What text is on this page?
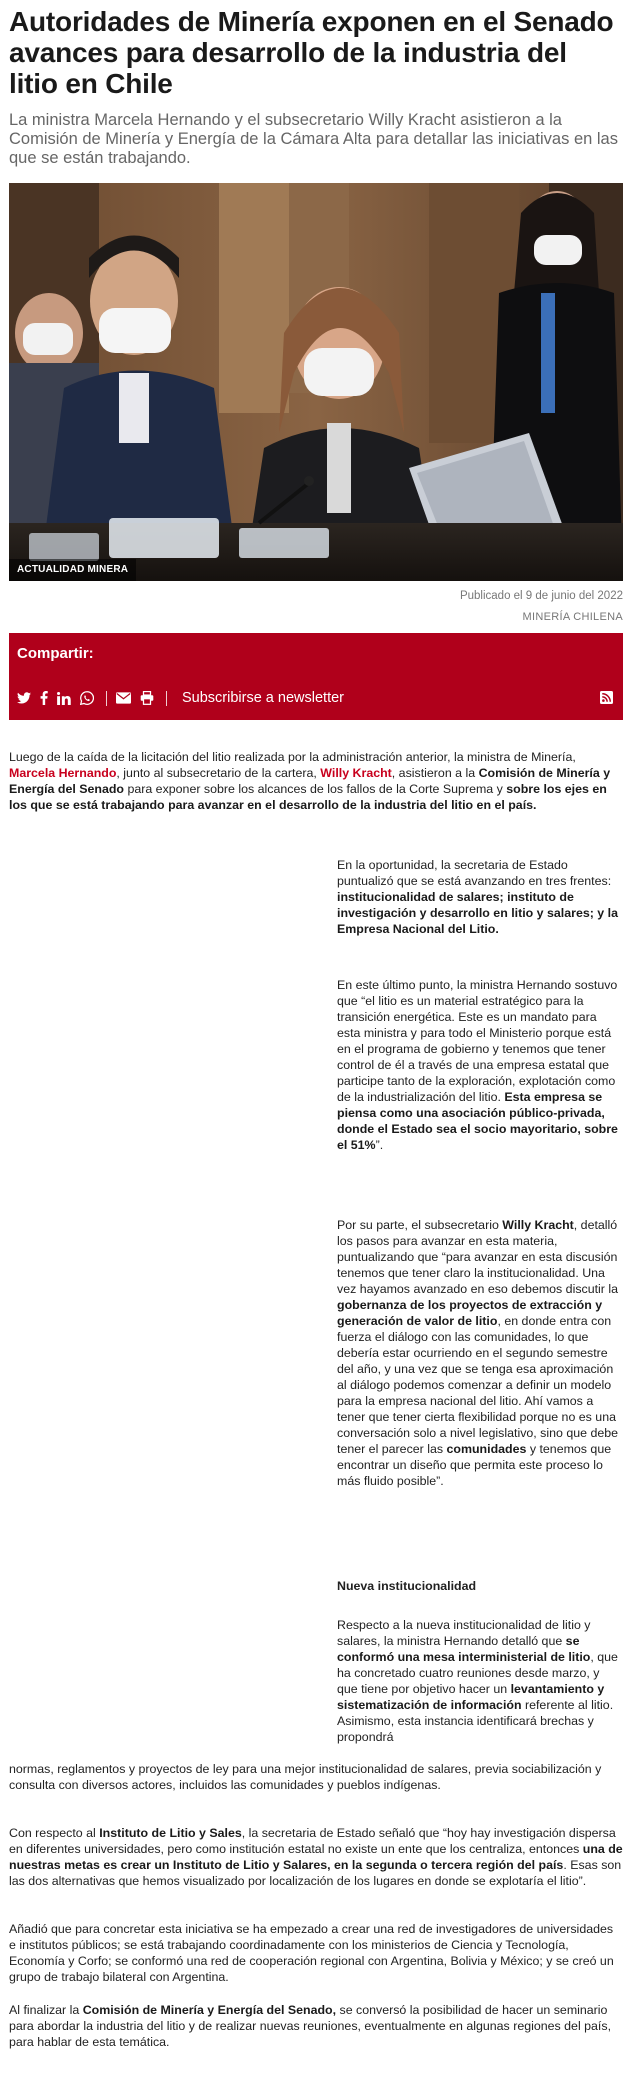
Autoridades de Minería exponen en el Senado avances para desarrollo de la industria del litio en Chile

La ministra Marcela Hernando y el subsecretario Willy Kracht asistieron a la Comisión de Minería y Energía de la Cámara Alta para detallar las iniciativas en las que se están trabajando.

ACTUALIDAD MINERA
Publicado el 9 de junio del 2022
MINERÍA CHILENA
Compartir:
Subscribirse a newsletter

Luego de la caída de la licitación del litio realizada por la administración anterior, la ministra de Minería, Marcela Hernando, junto al subsecretario de la cartera, Willy Kracht, asistieron a la Comisión de Minería y Energía del Senado para exponer sobre los alcances de los fallos de la Corte Suprema y sobre los ejes en los que se está trabajando para avanzar en el desarrollo de la industria del litio en el país.

En la oportunidad, la secretaria de Estado puntualizó que se está avanzando en tres frentes: institucionalidad de salares; instituto de investigación y desarrollo en litio y salares; y la Empresa Nacional del Litio.

En este último punto, la ministra Hernando sostuvo que “el litio es un material estratégico para la transición energética. Este es un mandato para esta ministra y para todo el Ministerio porque está en el programa de gobierno y tenemos que tener control de él a través de una empresa estatal que participe tanto de la exploración, explotación como de la industrialización del litio. Esta empresa se piensa como una asociación público-privada, donde el Estado sea el socio mayoritario, sobre el 51%”.

Por su parte, el subsecretario Willy Kracht, detalló los pasos para avanzar en esta materia, puntualizando que “para avanzar en esta discusión tenemos que tener claro la institucionalidad. Una vez hayamos avanzado en eso debemos discutir la gobernanza de los proyectos de extracción y generación de valor de litio, en donde entra con fuerza el diálogo con las comunidades, lo que debería estar ocurriendo en el segundo semestre del año, y una vez que se tenga esa aproximación al diálogo podemos comenzar a definir un modelo para la empresa nacional del litio. Ahí vamos a tener que tener cierta flexibilidad porque no es una conversación solo a nivel legislativo, sino que debe tener el parecer las comunidades y tenemos que encontrar un diseño que permita este proceso lo más fluido posible”.

Nueva institucionalidad

Respecto a la nueva institucionalidad de litio y salares, la ministra Hernando detalló que se conformó una mesa interministerial de litio, que ha concretado cuatro reuniones desde marzo, y que tiene por objetivo hacer un levantamiento y sistematización de información referente al litio. Asimismo, esta instancia identificará brechas y propondrá

normas, reglamentos y proyectos de ley para una mejor institucionalidad de salares, previa sociabilización y consulta con diversos actores, incluidos las comunidades y pueblos indígenas.

Con respecto al Instituto de Litio y Sales, la secretaria de Estado señaló que “hoy hay investigación dispersa en diferentes universidades, pero como institución estatal no existe un ente que los centraliza, entonces una de nuestras metas es crear un Instituto de Litio y Salares, en la segunda o tercera región del país. Esas son las dos alternativas que hemos visualizado por localización de los lugares en donde se explotaría el litio”.

Añadió que para concretar esta iniciativa se ha empezado a crear una red de investigadores de universidades e institutos públicos; se está trabajando coordinadamente con los ministerios de Ciencia y Tecnología, Economía y Corfo; se conformó una red de cooperación regional con Argentina, Bolivia y México; y se creó un grupo de trabajo bilateral con Argentina.

Al finalizar la Comisión de Minería y Energía del Senado, se conversó la posibilidad de hacer un seminario para abordar la industria del litio y de realizar nuevas reuniones, eventualmente en algunas regiones del país, para hablar de esta temática.
